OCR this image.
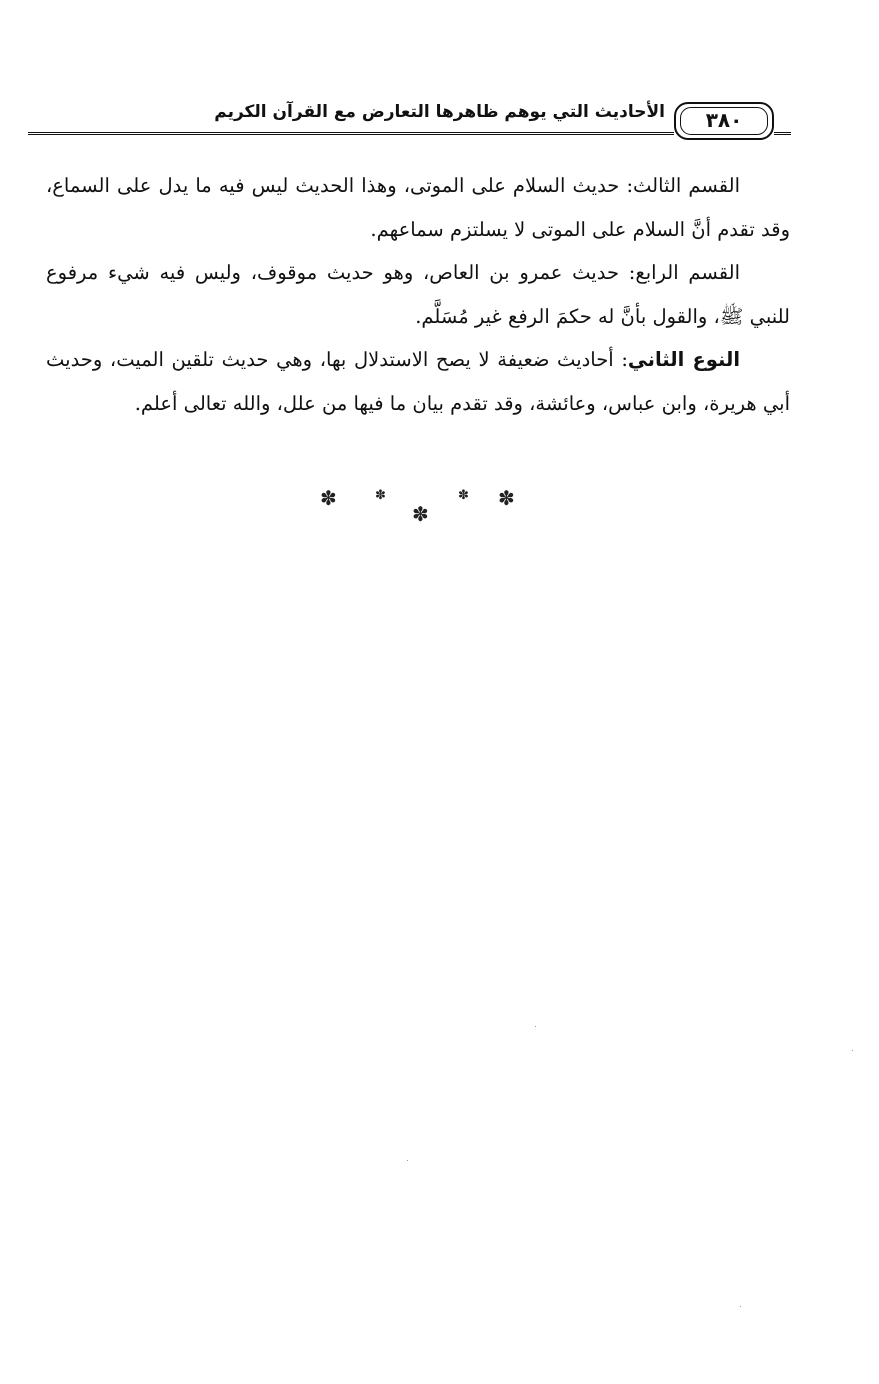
الأحاديث التي يوهم ظاهرها التعارض مع القرآن الكريم	٣٨٠

القسم الثالث: حديث السلام على الموتى، وهذا الحديث ليس فيه ما يدل على السماع، وقد تقدم أنَّ السلام على الموتى لا يسلتزم سماعهم.

القسم الرابع: حديث عمرو بن العاص، وهو حديث موقوف، وليس فيه شيء مرفوع للنبي ﷺ، والقول بأنَّ له حكمَ الرفع غير مُسَلَّم.

النوع الثاني: أحاديث ضعيفة لا يصح الاستدلال بها، وهي حديث تلقين الميت، وحديث أبي هريرة، وابن عباس، وعائشة، وقد تقدم بيان ما فيها من علل، والله تعالى أعلم.

✽	✽
✽
✽ ✽
